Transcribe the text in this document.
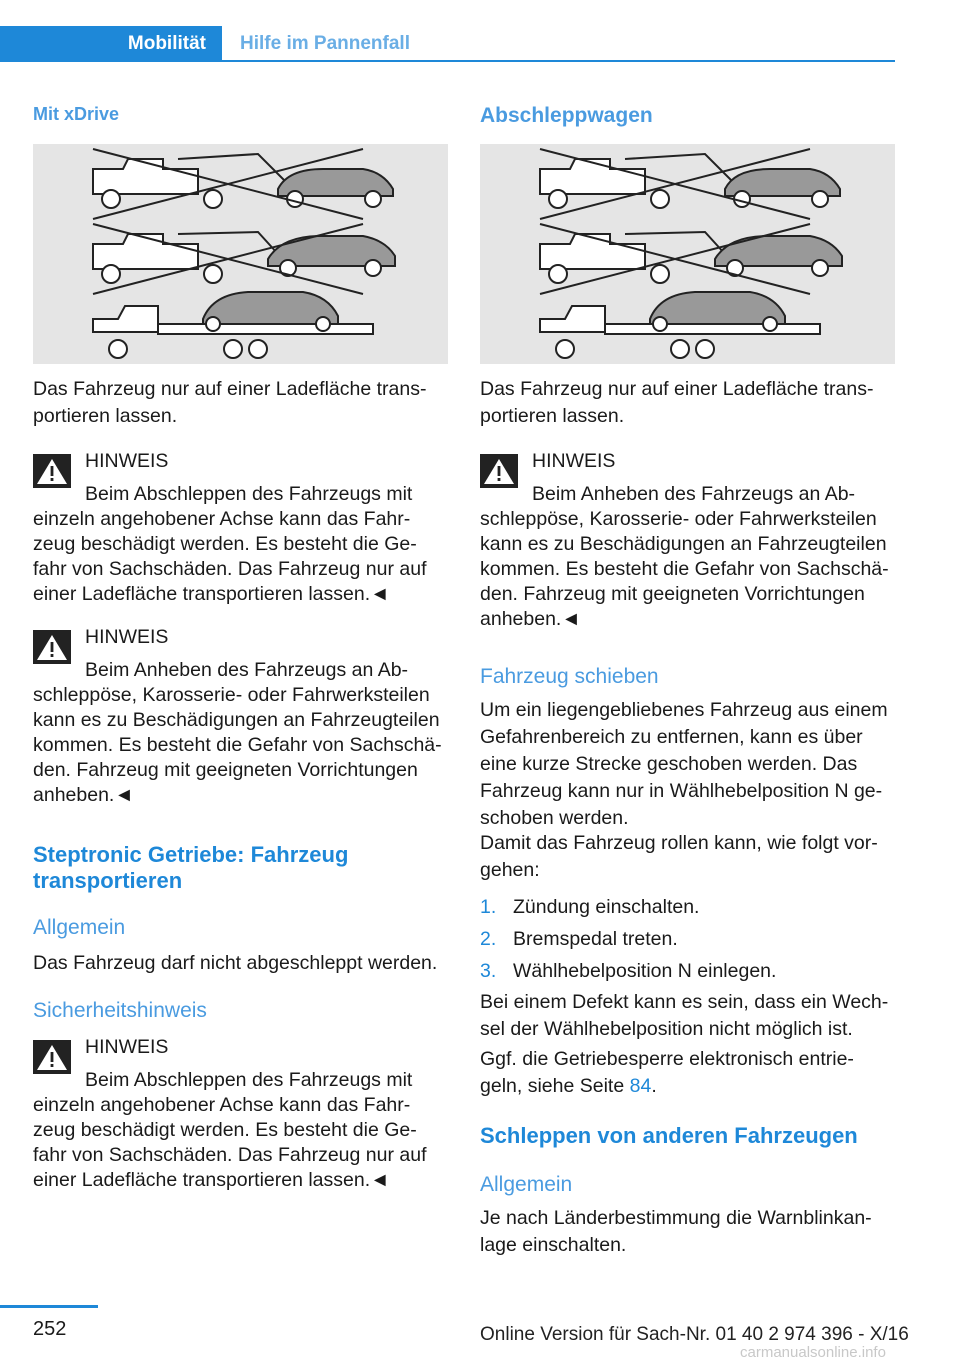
Mobilität	Hilfe im Pannenfall
Mit xDrive
Das Fahrzeug nur auf einer Ladefläche trans-
portieren lassen.
HINWEIS
Beim Abschleppen des Fahrzeugs mit
einzeln angehobener Achse kann das Fahr-
zeug beschädigt werden. Es besteht die Ge-
fahr von Sachschäden. Das Fahrzeug nur auf
einer Ladefläche transportieren lassen.◄
HINWEIS
Beim Anheben des Fahrzeugs an Ab-
schleppöse, Karosserie- oder Fahrwerksteilen
kann es zu Beschädigungen an Fahrzeugteilen
kommen. Es besteht die Gefahr von Sachschä-
den. Fahrzeug mit geeigneten Vorrichtungen
anheben.◄
Steptronic Getriebe: Fahrzeug
transportieren
Allgemein
Das Fahrzeug darf nicht abgeschleppt werden.
Sicherheitshinweis
HINWEIS
Beim Abschleppen des Fahrzeugs mit
einzeln angehobener Achse kann das Fahr-
zeug beschädigt werden. Es besteht die Ge-
fahr von Sachschäden. Das Fahrzeug nur auf
einer Ladefläche transportieren lassen.◄
Abschleppwagen
Das Fahrzeug nur auf einer Ladefläche trans-
portieren lassen.
HINWEIS
Beim Anheben des Fahrzeugs an Ab-
schleppöse, Karosserie- oder Fahrwerksteilen
kann es zu Beschädigungen an Fahrzeugteilen
kommen. Es besteht die Gefahr von Sachschä-
den. Fahrzeug mit geeigneten Vorrichtungen
anheben.◄
Fahrzeug schieben
Um ein liegengebliebenes Fahrzeug aus einem
Gefahrenbereich zu entfernen, kann es über
eine kurze Strecke geschoben werden. Das
Fahrzeug kann nur in Wählhebelposition N ge-
schoben werden.
Damit das Fahrzeug rollen kann, wie folgt vor-
gehen:
1. Zündung einschalten.
2. Bremspedal treten.
3. Wählhebelposition N einlegen.
Bei einem Defekt kann es sein, dass ein Wech-
sel der Wählhebelposition nicht möglich ist.
Ggf. die Getriebesperre elektronisch entrie-
geln, siehe Seite 84.
Schleppen von anderen Fahrzeugen
Allgemein
Je nach Länderbestimmung die Warnblinkan-
lage einschalten.
252	Online Version für Sach-Nr. 01 40 2 974 396 - X/16
carmanualsonline.info
